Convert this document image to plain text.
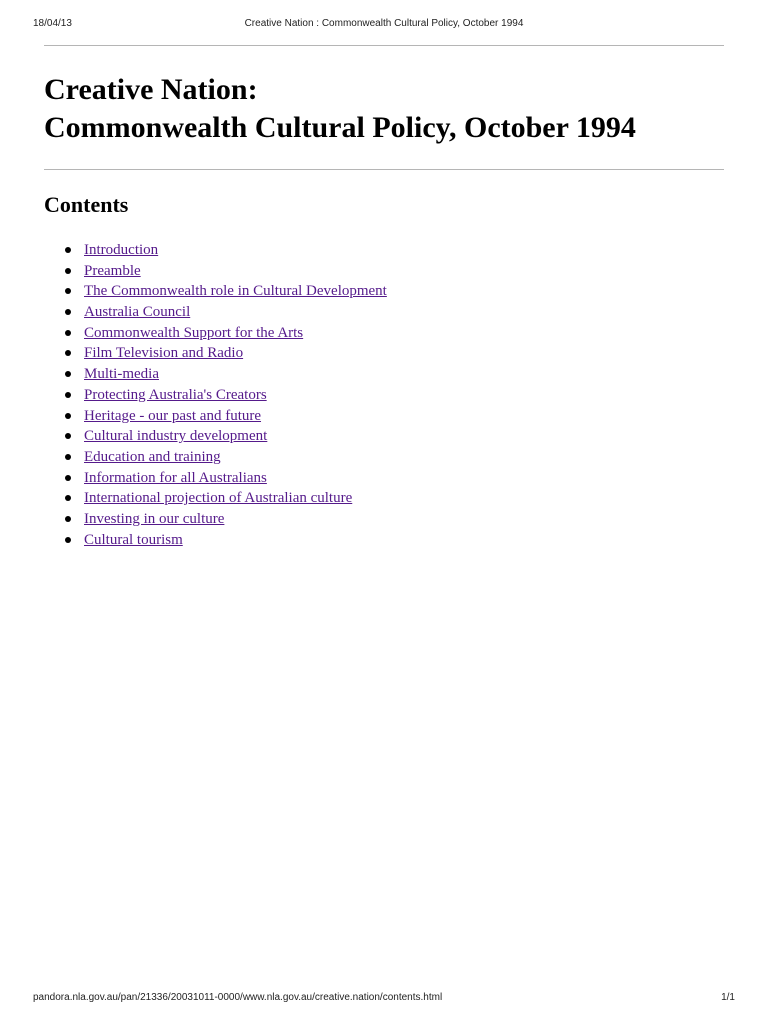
18/04/13	Creative Nation : Commonwealth Cultural Policy, October 1994
Creative Nation:
Commonwealth Cultural Policy, October 1994
Contents
Introduction
Preamble
The Commonwealth role in Cultural Development
Australia Council
Commonwealth Support for the Arts
Film Television and Radio
Multi-media
Protecting Australia's Creators
Heritage - our past and future
Cultural industry development
Education and training
Information for all Australians
International projection of Australian culture
Investing in our culture
Cultural tourism
pandora.nla.gov.au/pan/21336/20031011-0000/www.nla.gov.au/creative.nation/contents.html	1/1
